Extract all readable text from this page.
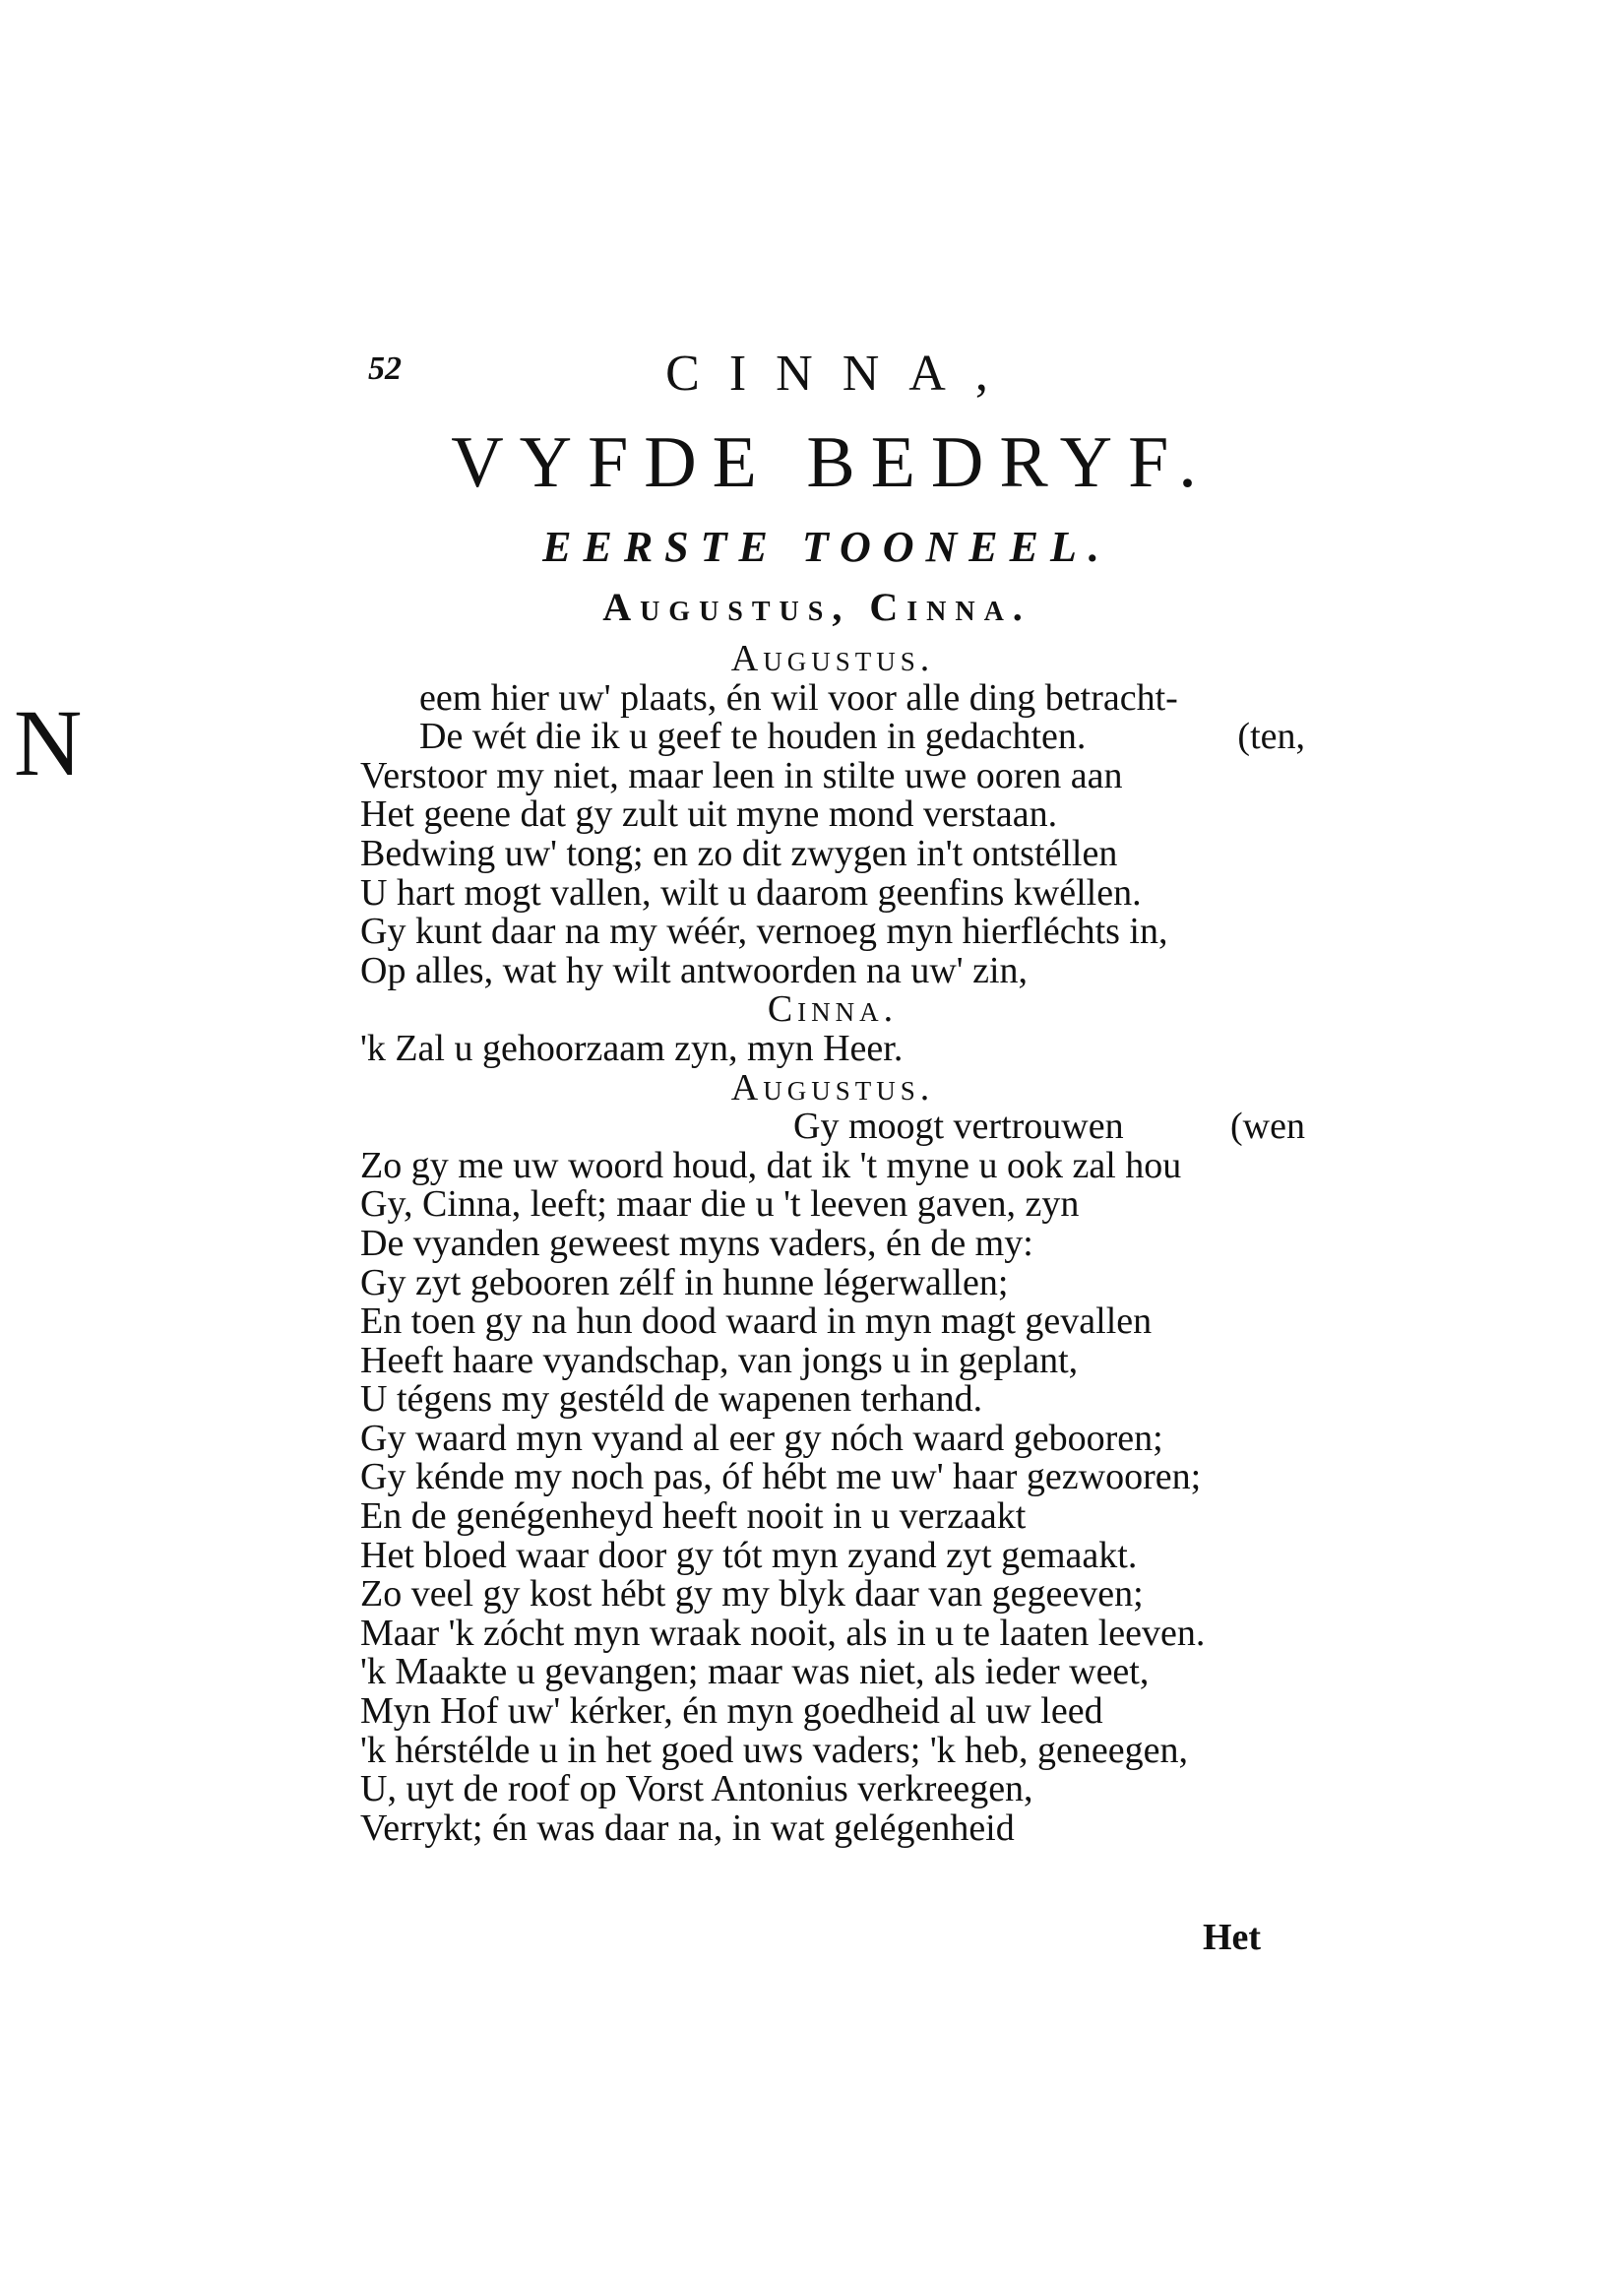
52	CINNA,
VYFDE BEDRYF.
EERSTE TOONEEL.
Augustus, Cinna.
N
Augustus.
eem hier uw' plaats, én wil voor alle ding betracht-
De wét die ik u geef te houden in gedachten.	(ten,
Verstoor my niet, maar leen in stilte uwe ooren aan
Het geene dat gy zult uit myne mond verstaan.
Bedwing uw' tong; en zo dit zwygen in't ontstéllen
U hart mogt vallen, wilt u daarom geenfins kwéllen.
Gy kunt daar na my wéér, vernoeg myn hierfléchts in,
Op alles, wat hy wilt antwoorden na uw' zin,
Cinna.
'k Zal u gehoorzaam zyn, myn Heer.
Augustus.
Gy moogt vertrouwen	(wen
Zo gy me uw woord houd, dat ik 't myne u ook zal hou
Gy, Cinna, leeft; maar die u 't leeven gaven, zyn
De vyanden geweest myns vaders, én de my:
Gy zyt gebooren zélf in hunne légerwallen;
En toen gy na hun dood waard in myn magt gevallen
Heeft haare vyandschap, van jongs u in geplant,
U tégens my gestéld de wapenen terhand.
Gy waard myn vyand al eer gy nóch waard gebooren;
Gy kénde my noch pas, óf hébt me uw' haar gezwooren;
En de genégenheyd heeft nooit in u verzaakt
Het bloed waar door gy tót myn zyand zyt gemaakt.
Zo veel gy kost hébt gy my blyk daar van gegeeven;
Maar 'k zócht myn wraak nooit, als in u te laaten leeven.
'k Maakte u gevangen; maar was niet, als ieder weet,
Myn Hof uw' kérker, én myn goedheid al uw leed
'k hérstélde u in het goed uws vaders; 'k heb, geneegen,
U, uyt de roof op Vorst Antonius verkreegen,
Verrykt; én was daar na, in wat gelégenheid
Het
